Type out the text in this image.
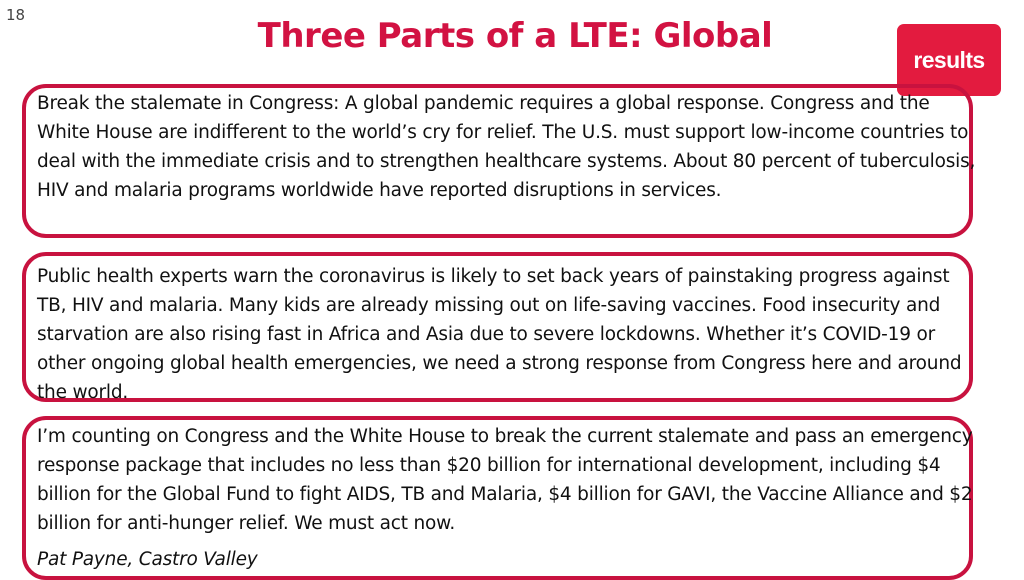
18
Three Parts of a LTE: Global
results

Break the stalemate in Congress: A global pandemic requires a global response. Congress and the White House are indifferent to the world’s cry for relief. The U.S. must support low-income countries to deal with the immediate crisis and to strengthen healthcare systems. About 80 percent of tuberculosis, HIV and malaria programs worldwide have reported disruptions in services.

Public health experts warn the coronavirus is likely to set back years of painstaking progress against TB, HIV and malaria. Many kids are already missing out on life-saving vaccines. Food insecurity and starvation are also rising fast in Africa and Asia due to severe lockdowns. Whether it’s COVID-19 or other ongoing global health emergencies, we need a strong response from Congress here and around the world.

I’m counting on Congress and the White House to break the current stalemate and pass an emergency response package that includes no less than $20 billion for international development, including $4 billion for the Global Fund to fight AIDS, TB and Malaria, $4 billion for GAVI, the Vaccine Alliance and $2 billion for anti-hunger relief. We must act now.

Pat Payne, Castro Valley
